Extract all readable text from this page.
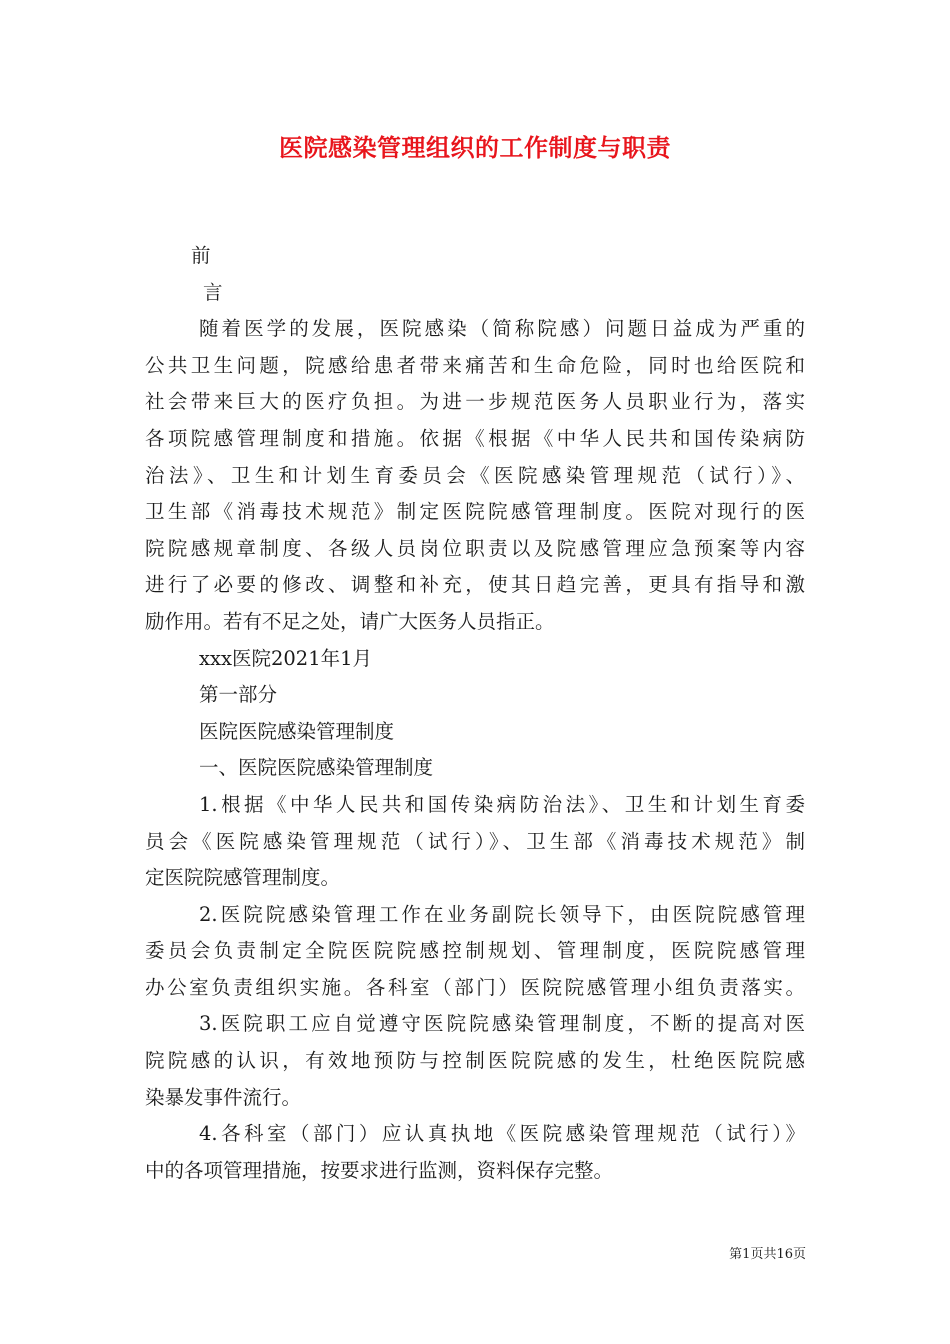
医院感染管理组织的工作制度与职责
前
言
随着医学的发展，医院感染（简称院感）问题日益成为严重的
公共卫生问题，院感给患者带来痛苦和生命危险，同时也给医院和
社会带来巨大的医疗负担。为进一步规范医务人员职业行为，落实
各项院感管理制度和措施。依据《根据《中华人民共和国传染病防
治法》、卫生和计划生育委员会《医院感染管理规范（试行）》、
卫生部《消毒技术规范》制定医院院感管理制度。医院对现行的医
院院感规章制度、各级人员岗位职责以及院感管理应急预案等内容
进行了必要的修改、调整和补充，使其日趋完善，更具有指导和激
励作用。若有不足之处，请广大医务人员指正。
xxx医院2021年1月
第一部分
医院医院感染管理制度
一、医院医院感染管理制度
1.根据《中华人民共和国传染病防治法》、卫生和计划生育委
员会《医院感染管理规范（试行）》、卫生部《消毒技术规范》制
定医院院感管理制度。
2.医院院感染管理工作在业务副院长领导下，由医院院感管理
委员会负责制定全院医院院感控制规划、管理制度，医院院感管理
办公室负责组织实施。各科室（部门）医院院感管理小组负责落实。
3.医院职工应自觉遵守医院院感染管理制度，不断的提高对医
院院感的认识，有效地预防与控制医院院感的发生，杜绝医院院感
染暴发事件流行。
4.各科室（部门）应认真执地《医院感染管理规范（试行）》
中的各项管理措施，按要求进行监测，资料保存完整。
第1页共16页
